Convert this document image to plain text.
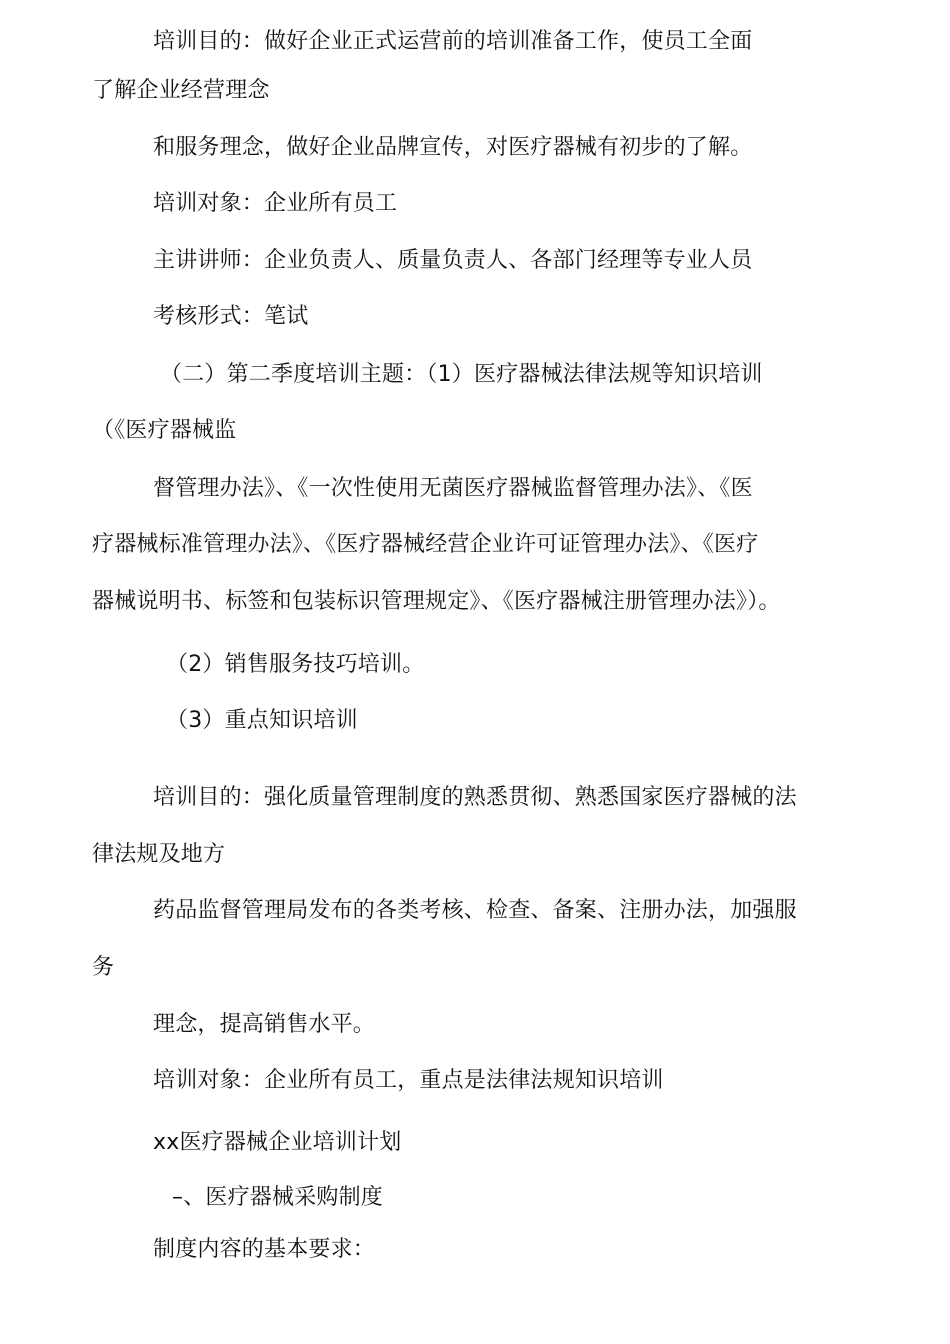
培训目的：做好企业正式运营前的培训准备工作，使员工全面
了解企业经营理念
和服务理念，做好企业品牌宣传，对医疗器械有初步的了解。
培训对象：企业所有员工
主讲讲师：企业负责人、质量负责人、各部门经理等专业人员
考核形式：笔试
（二）第二季度培训主题：（1）医疗器械法律法规等知识培训
（《医疗器械监
督管理办法》、《一次性使用无菌医疗器械监督管理办法》、《医
疗器械标准管理办法》、《医疗器械经营企业许可证管理办法》、《医疗
器械说明书、标签和包装标识管理规定》、《医疗器械注册管理办法》）。
（2）销售服务技巧培训。
（3）重点知识培训
培训目的：强化质量管理制度的熟悉贯彻、熟悉国家医疗器械的法
律法规及地方
药品监督管理局发布的各类考核、检查、备案、注册办法，加强服
务
理念，提高销售水平。
培训对象：企业所有员工，重点是法律法规知识培训
xx医疗器械企业培训计划
–、医疗器械采购制度
制度内容的基本要求：
